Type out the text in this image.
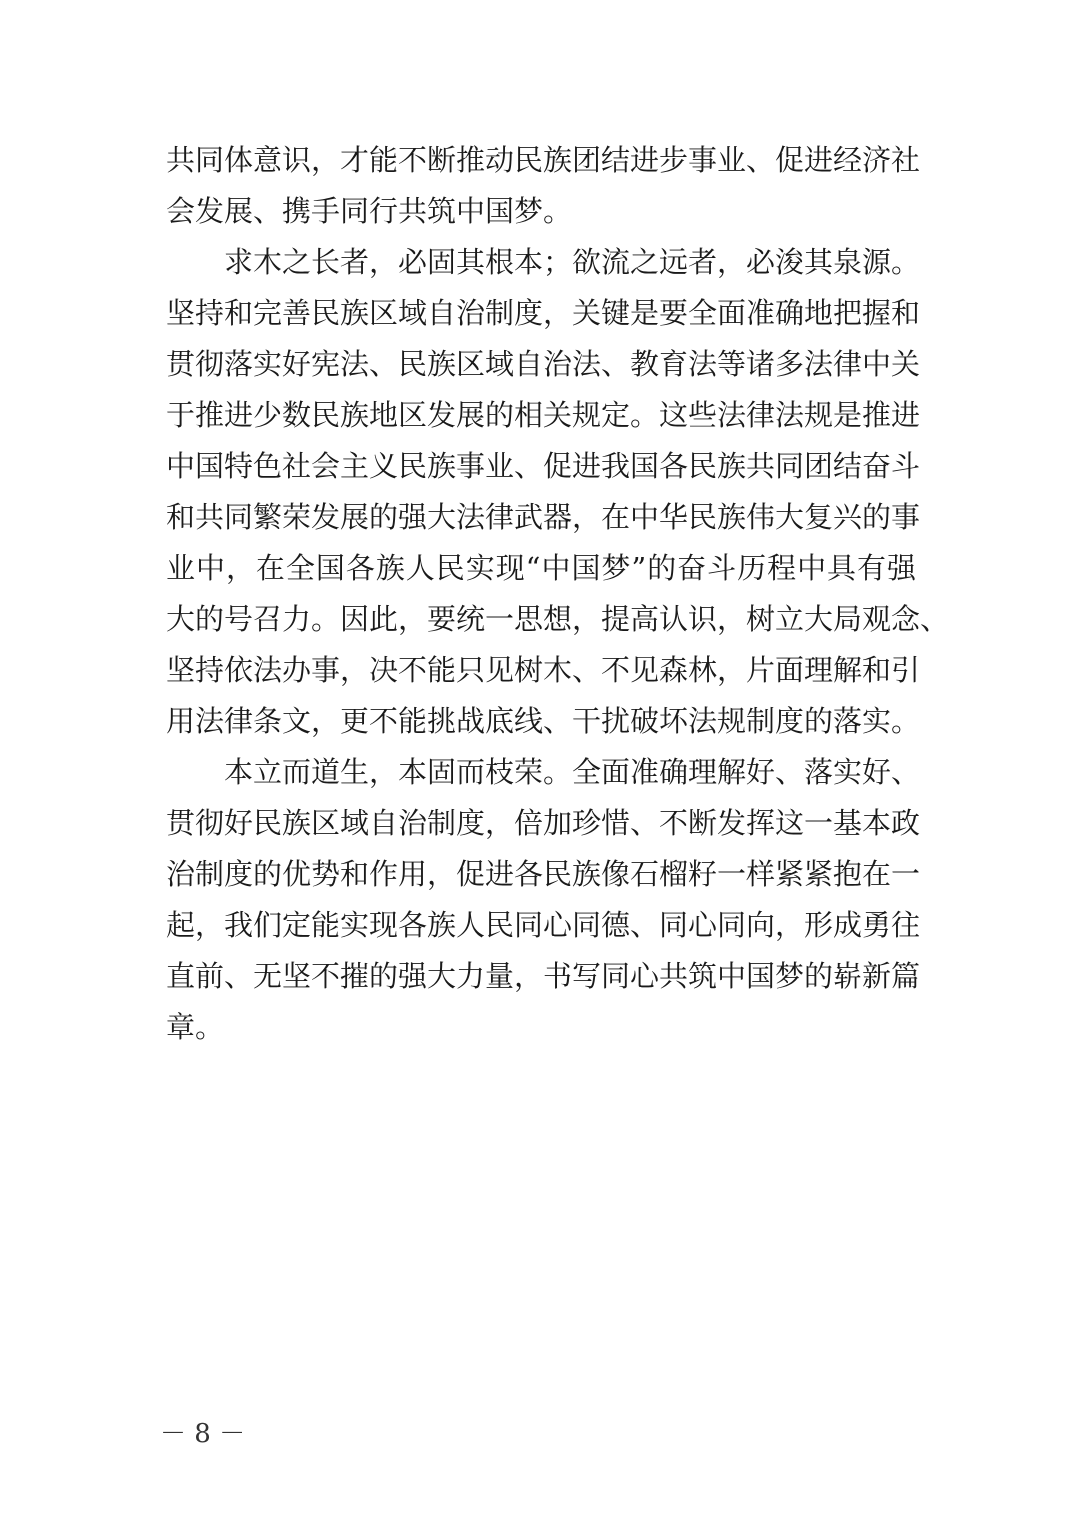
共同体意识，才能不断推动民族团结进步事业、促进经济社
会发展、携手同行共筑中国梦。
求木之长者，必固其根本；欲流之远者，必浚其泉源。
坚持和完善民族区域自治制度，关键是要全面准确地把握和
贯彻落实好宪法、民族区域自治法、教育法等诸多法律中关
于推进少数民族地区发展的相关规定。这些法律法规是推进
中国特色社会主义民族事业、促进我国各民族共同团结奋斗
和共同繁荣发展的强大法律武器，在中华民族伟大复兴的事
业中，在全国各族人民实现“中国梦”的奋斗历程中具有强
大的号召力。因此，要统一思想，提高认识，树立大局观念、
坚持依法办事，决不能只见树木、不见森林，片面理解和引
用法律条文，更不能挑战底线、干扰破坏法规制度的落实。
本立而道生，本固而枝荣。全面准确理解好、落实好、
贯彻好民族区域自治制度，倍加珍惜、不断发挥这一基本政
治制度的优势和作用，促进各民族像石榴籽一样紧紧抱在一
起，我们定能实现各族人民同心同德、同心同向，形成勇往
直前、无坚不摧的强大力量，书写同心共筑中国梦的崭新篇
章。
－ 8 －
